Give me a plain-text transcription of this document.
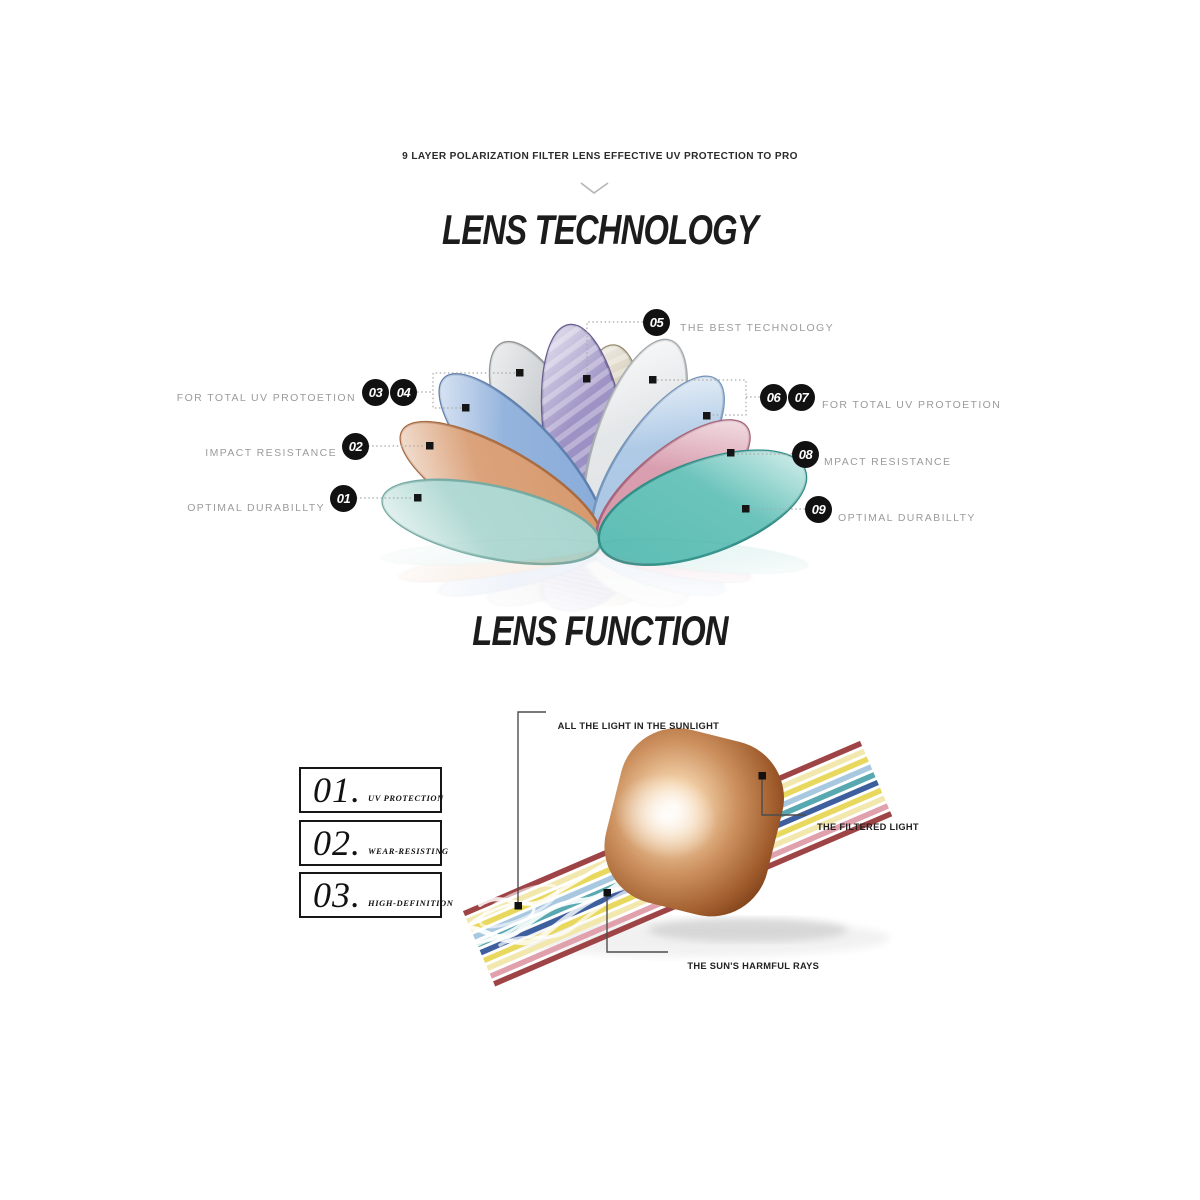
9 LAYER POLARIZATION FILTER LENS EFFECTIVE UV PROTECTION TO PRO
LENS TECHNOLOGY
03	04
02
01
05
06	07
08
09
FOR TOTAL UV PROTOETION
IMPACT RESISTANCE
OPTIMAL DURABILLTY
THE BEST TECHNOLOGY
FOR TOTAL UV PROTOETION
MPACT RESISTANCE
OPTIMAL DURABILLTY
LENS FUNCTION
01. UV PROTECTION
02. WEAR-RESISTING
03. HIGH-DEFINITION
ALL THE LIGHT IN THE SUNLIGHT
THE FILTERED LIGHT
THE SUN'S HARMFUL RAYS
